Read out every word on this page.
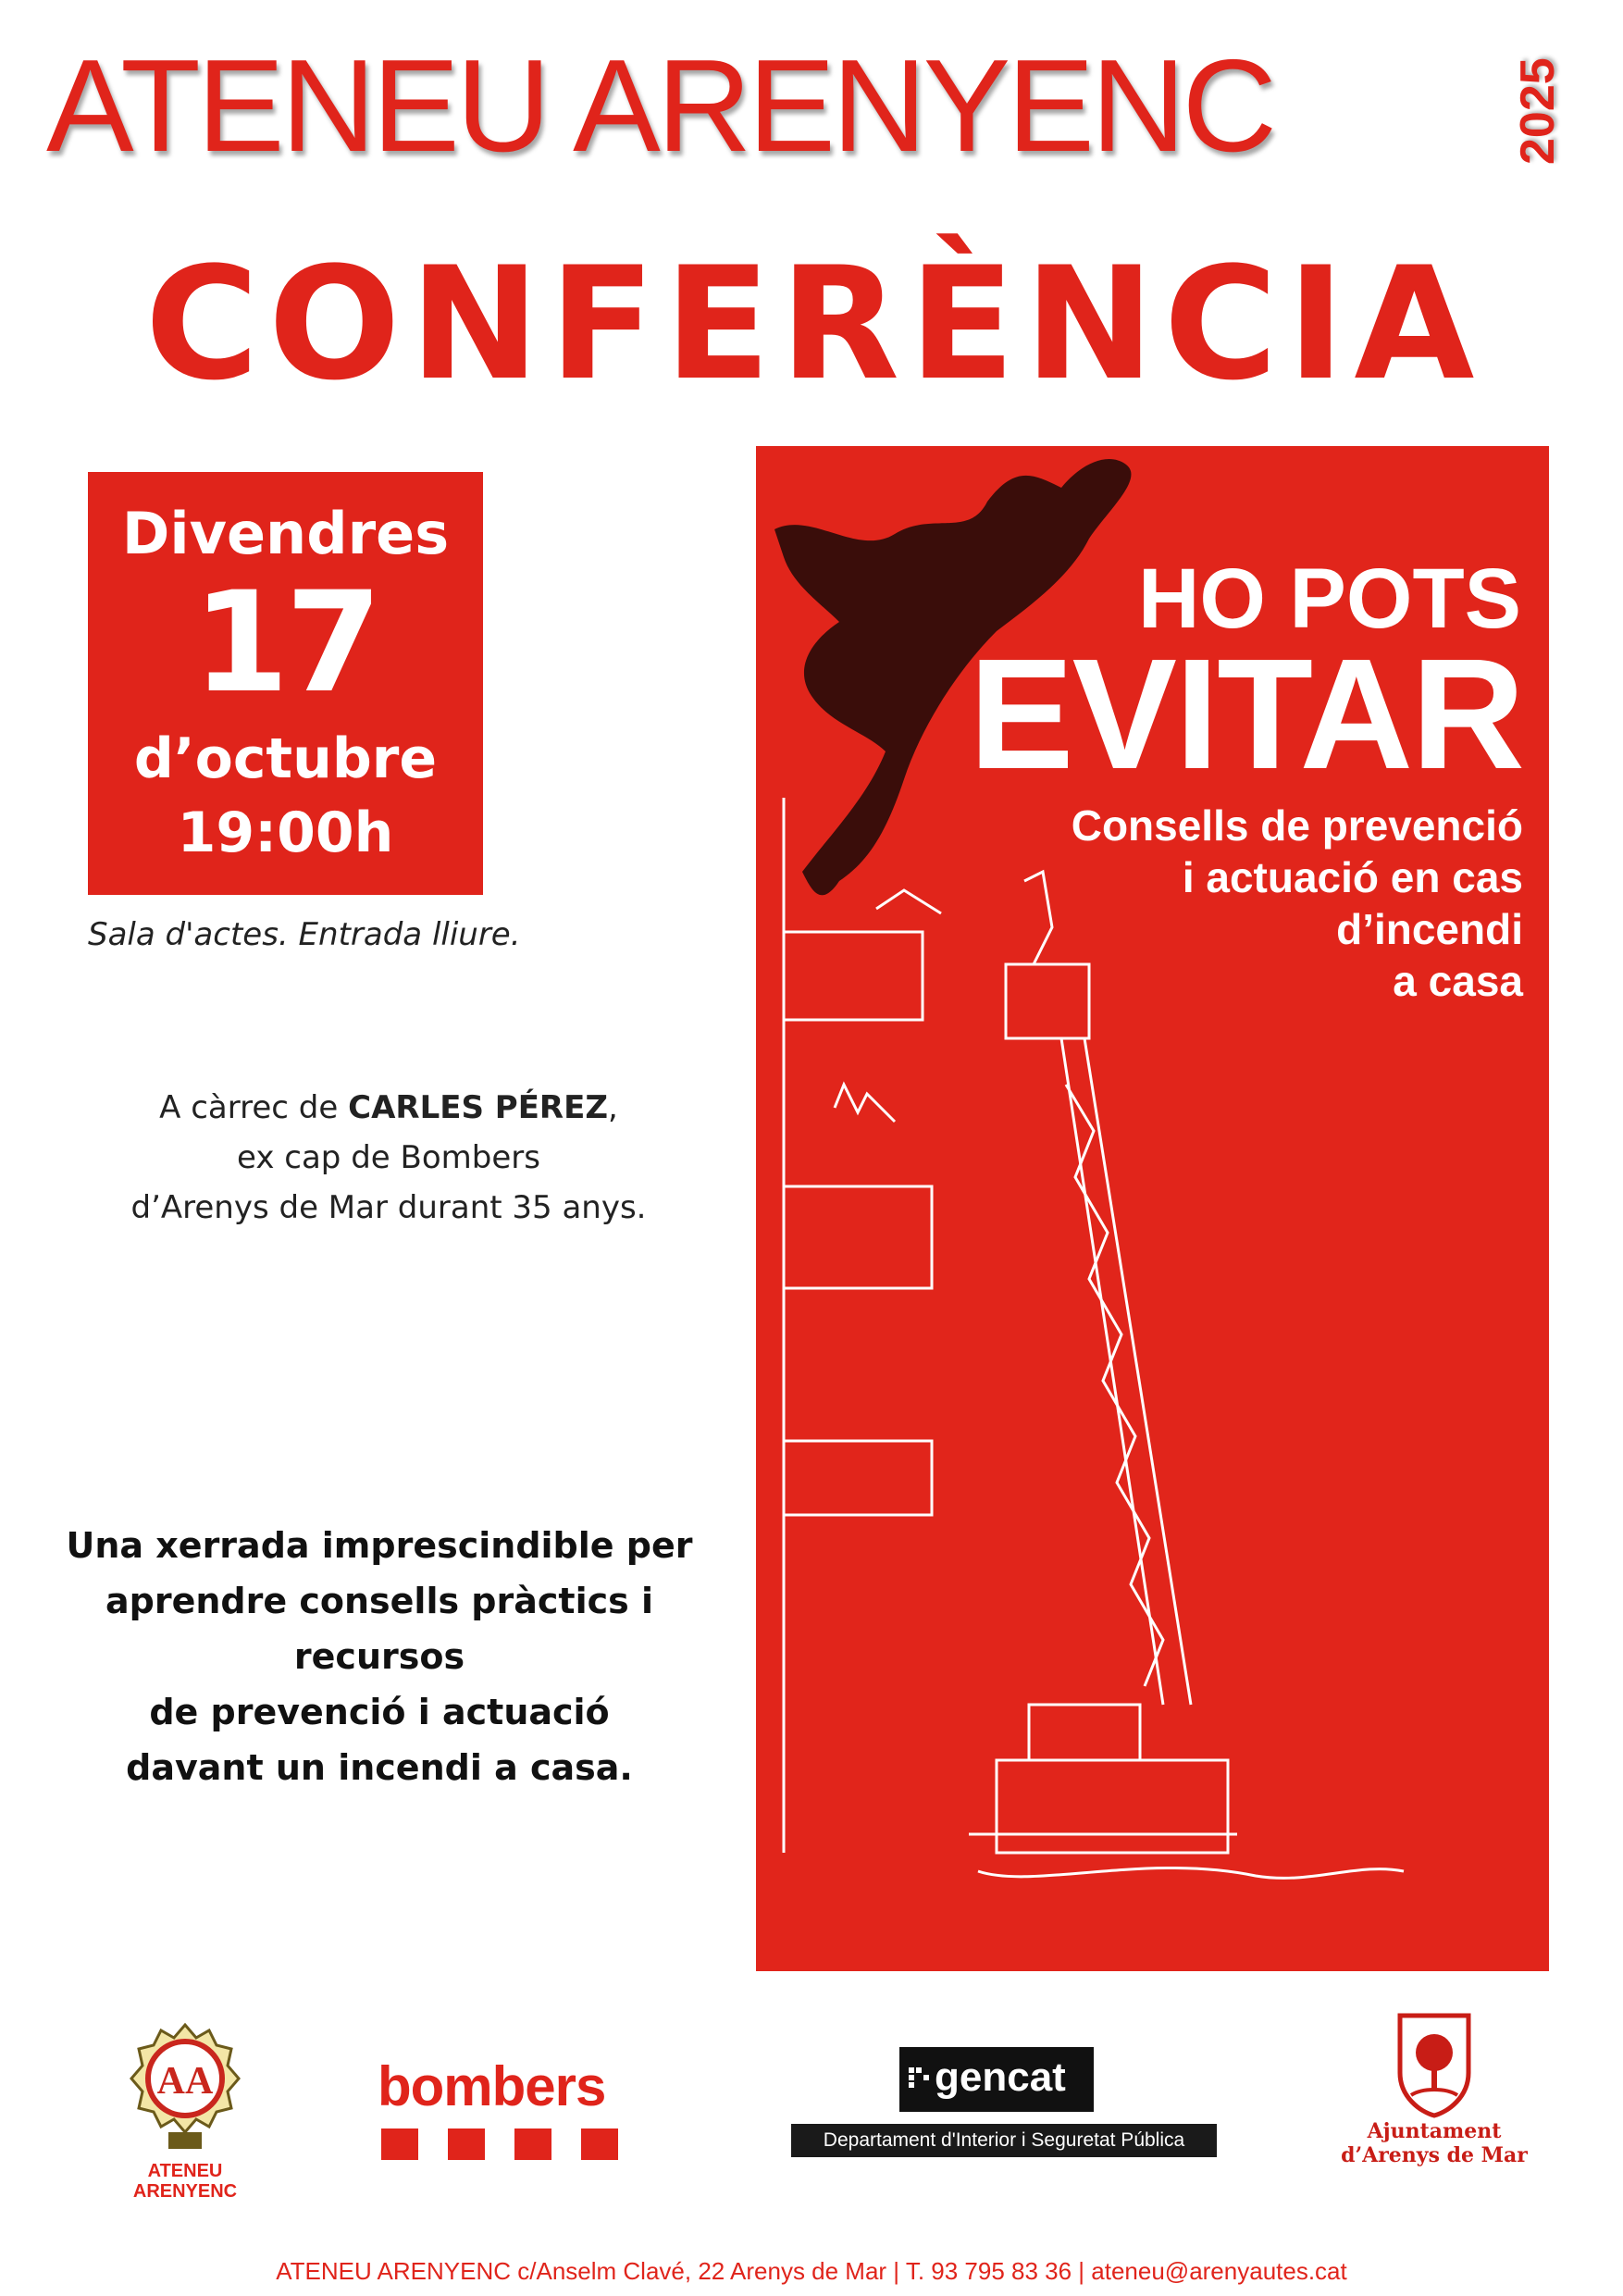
ATENEU ARENYENC	2025
CONFERÈNCIA
Divendres
17
d’octubre
19:00h
Sala d'actes. Entrada lliure.
A càrrec de CARLES PÉREZ,
ex cap de Bombers
d’Arenys de Mar durant 35 anys.
Una xerrada imprescindible per
aprendre consells pràctics i recursos
de prevenció i actuació
davant un incendi a casa.
HO POTS
EVITAR
Consells de prevenció
i actuació en cas
d’incendi
a casa
AA
ATENEU
ARENYENC
bombers	gencat
Departament d'Interior i Seguretat Pública	Ajuntament
d’Arenys de Mar
ATENEU ARENYENC c/Anselm Clavé, 22 Arenys de Mar | T. 93 795 83 36 | ateneu@arenyautes.cat
